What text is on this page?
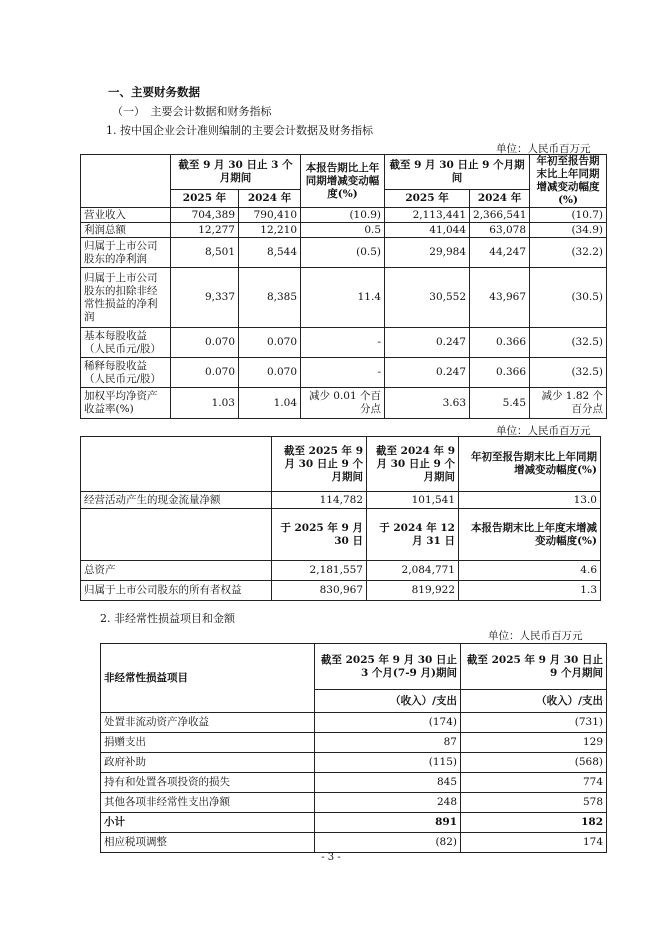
一、主要财务数据
（一）　主要会计数据和财务指标
1. 按中国企业会计准则编制的主要会计数据及财务指标
单位：人民币百万元
	截至 9 月 30 日止 3 个月期间		本报告期比上年同期增减变动幅度(%)	截至 9 月 30 日止 9 个月期间		年初至报告期末比上年同期增减变动幅度(%)
	2025 年	2024 年		2025 年	2024 年	
营业收入	704,389	790,410	(10.9)	2,113,441	2,366,541	(10.7)
利润总额	12,277	12,210	0.5	41,044	63,078	(34.9)
归属于上市公司股东的净利润	8,501	8,544	(0.5)	29,984	44,247	(32.2)
归属于上市公司股东的扣除非经常性损益的净利润	9,337	8,385	11.4	30,552	43,967	(30.5)
基本每股收益（人民币元/股）	0.070	0.070	-	0.247	0.366	(32.5)
稀释每股收益（人民币元/股）	0.070	0.070	-	0.247	0.366	(32.5)
加权平均净资产收益率(%)	1.03	1.04	减少 0.01 个百分点	3.63	5.45	减少 1.82 个百分点
单位：人民币百万元
	截至 2025 年 9 月 30 日止 9 个月期间	截至 2024 年 9 月 30 日止 9 个月期间	年初至报告期末比上年同期增减变动幅度(%)
经营活动产生的现金流量净额	114,782	101,541	13.0
	于 2025 年 9 月 30 日	于 2024 年 12 月 31 日	本报告期末比上年度末增减变动幅度(%)
总资产	2,181,557	2,084,771	4.6
归属于上市公司股东的所有者权益	830,967	819,922	1.3
2. 非经常性损益项目和金额
单位：人民币百万元
非经常性损益项目	截至 2025 年 9 月 30 日止 3 个月(7-9 月)期间	截至 2025 年 9 月 30 日止 9 个月期间
	（收入）/支出	（收入）/支出
处置非流动资产净收益	(174)	(731)
捐赠支出	87	129
政府补助	(115)	(568)
持有和处置各项投资的损失	845	774
其他各项非经常性支出净额	248	578
小计	891	182
相应税项调整	(82)	174
- 3 -
